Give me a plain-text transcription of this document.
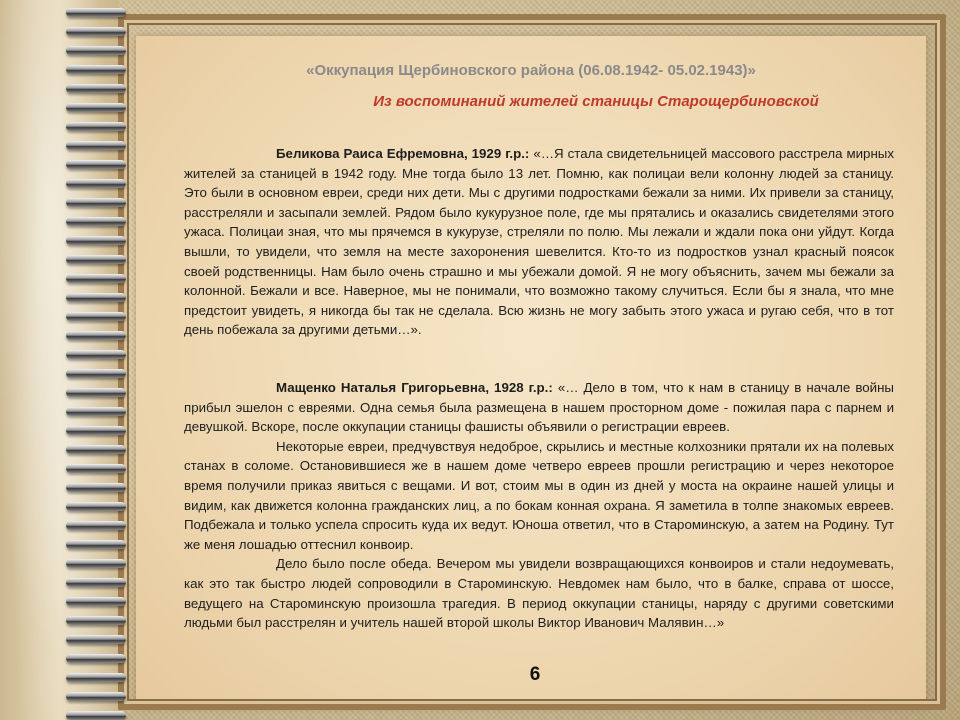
«Оккупация Щербиновского района (06.08.1942- 05.02.1943)»
Из воспоминаний жителей станицы Старощербиновской

Беликова Раиса Ефремовна, 1929 г.р.: «…Я стала свидетельницей массового расстрела мирных жителей за станицей в 1942 году. Мне тогда было 13 лет. Помню, как полицаи вели колонну людей за станицу. Это были в основном евреи, среди них дети. Мы с другими подростками бежали за ними. Их привели за станицу, расстреляли и засыпали землей. Рядом было кукурузное поле, где мы прятались и оказались свидетелями этого ужаса. Полицаи зная, что мы прячемся в кукурузе, стреляли по полю. Мы лежали и ждали пока они уйдут. Когда вышли, то увидели, что земля на месте захоронения шевелится. Кто-то из подростков узнал красный поясок своей родственницы. Нам было очень страшно и мы убежали домой. Я не могу объяснить, зачем мы бежали за колонной. Бежали и все. Наверное, мы не понимали, что возможно такому случиться. Если бы я знала, что мне предстоит увидеть, я никогда бы так не сделала. Всю жизнь не могу забыть этого ужаса и ругаю себя, что в тот день побежала за другими детьми…».

Мащенко Наталья Григорьевна, 1928 г.р.: «… Дело в том, что к нам в станицу в начале войны прибыл эшелон с евреями. Одна семья была размещена в нашем просторном доме - пожилая пара с парнем и девушкой. Вскоре, после оккупации станицы фашисты объявили о регистрации евреев.

Некоторые евреи, предчувствуя недоброе, скрылись и местные колхозники прятали их на полевых станах в соломе. Остановившиеся же в нашем доме четверо евреев прошли регистрацию и через некоторое время получили приказ явиться с вещами. И вот, стоим мы в один из дней у моста на окраине нашей улицы и видим, как движется колонна гражданских лиц, а по бокам конная охрана. Я заметила в толпе знакомых евреев. Подбежала и только успела спросить куда их ведут. Юноша ответил, что в Староминскую, а затем на Родину. Тут же меня лошадью оттеснил конвоир.

Дело было после обеда. Вечером мы увидели возвращающихся конвоиров и стали недоумевать, как это так быстро людей сопроводили в Староминскую. Невдомек нам было, что в балке, справа от шоссе, ведущего на Староминскую произошла трагедия. В период оккупации станицы, наряду с другими советскими людьми был расстрелян и учитель нашей второй школы Виктор Иванович Малявин…»

6
